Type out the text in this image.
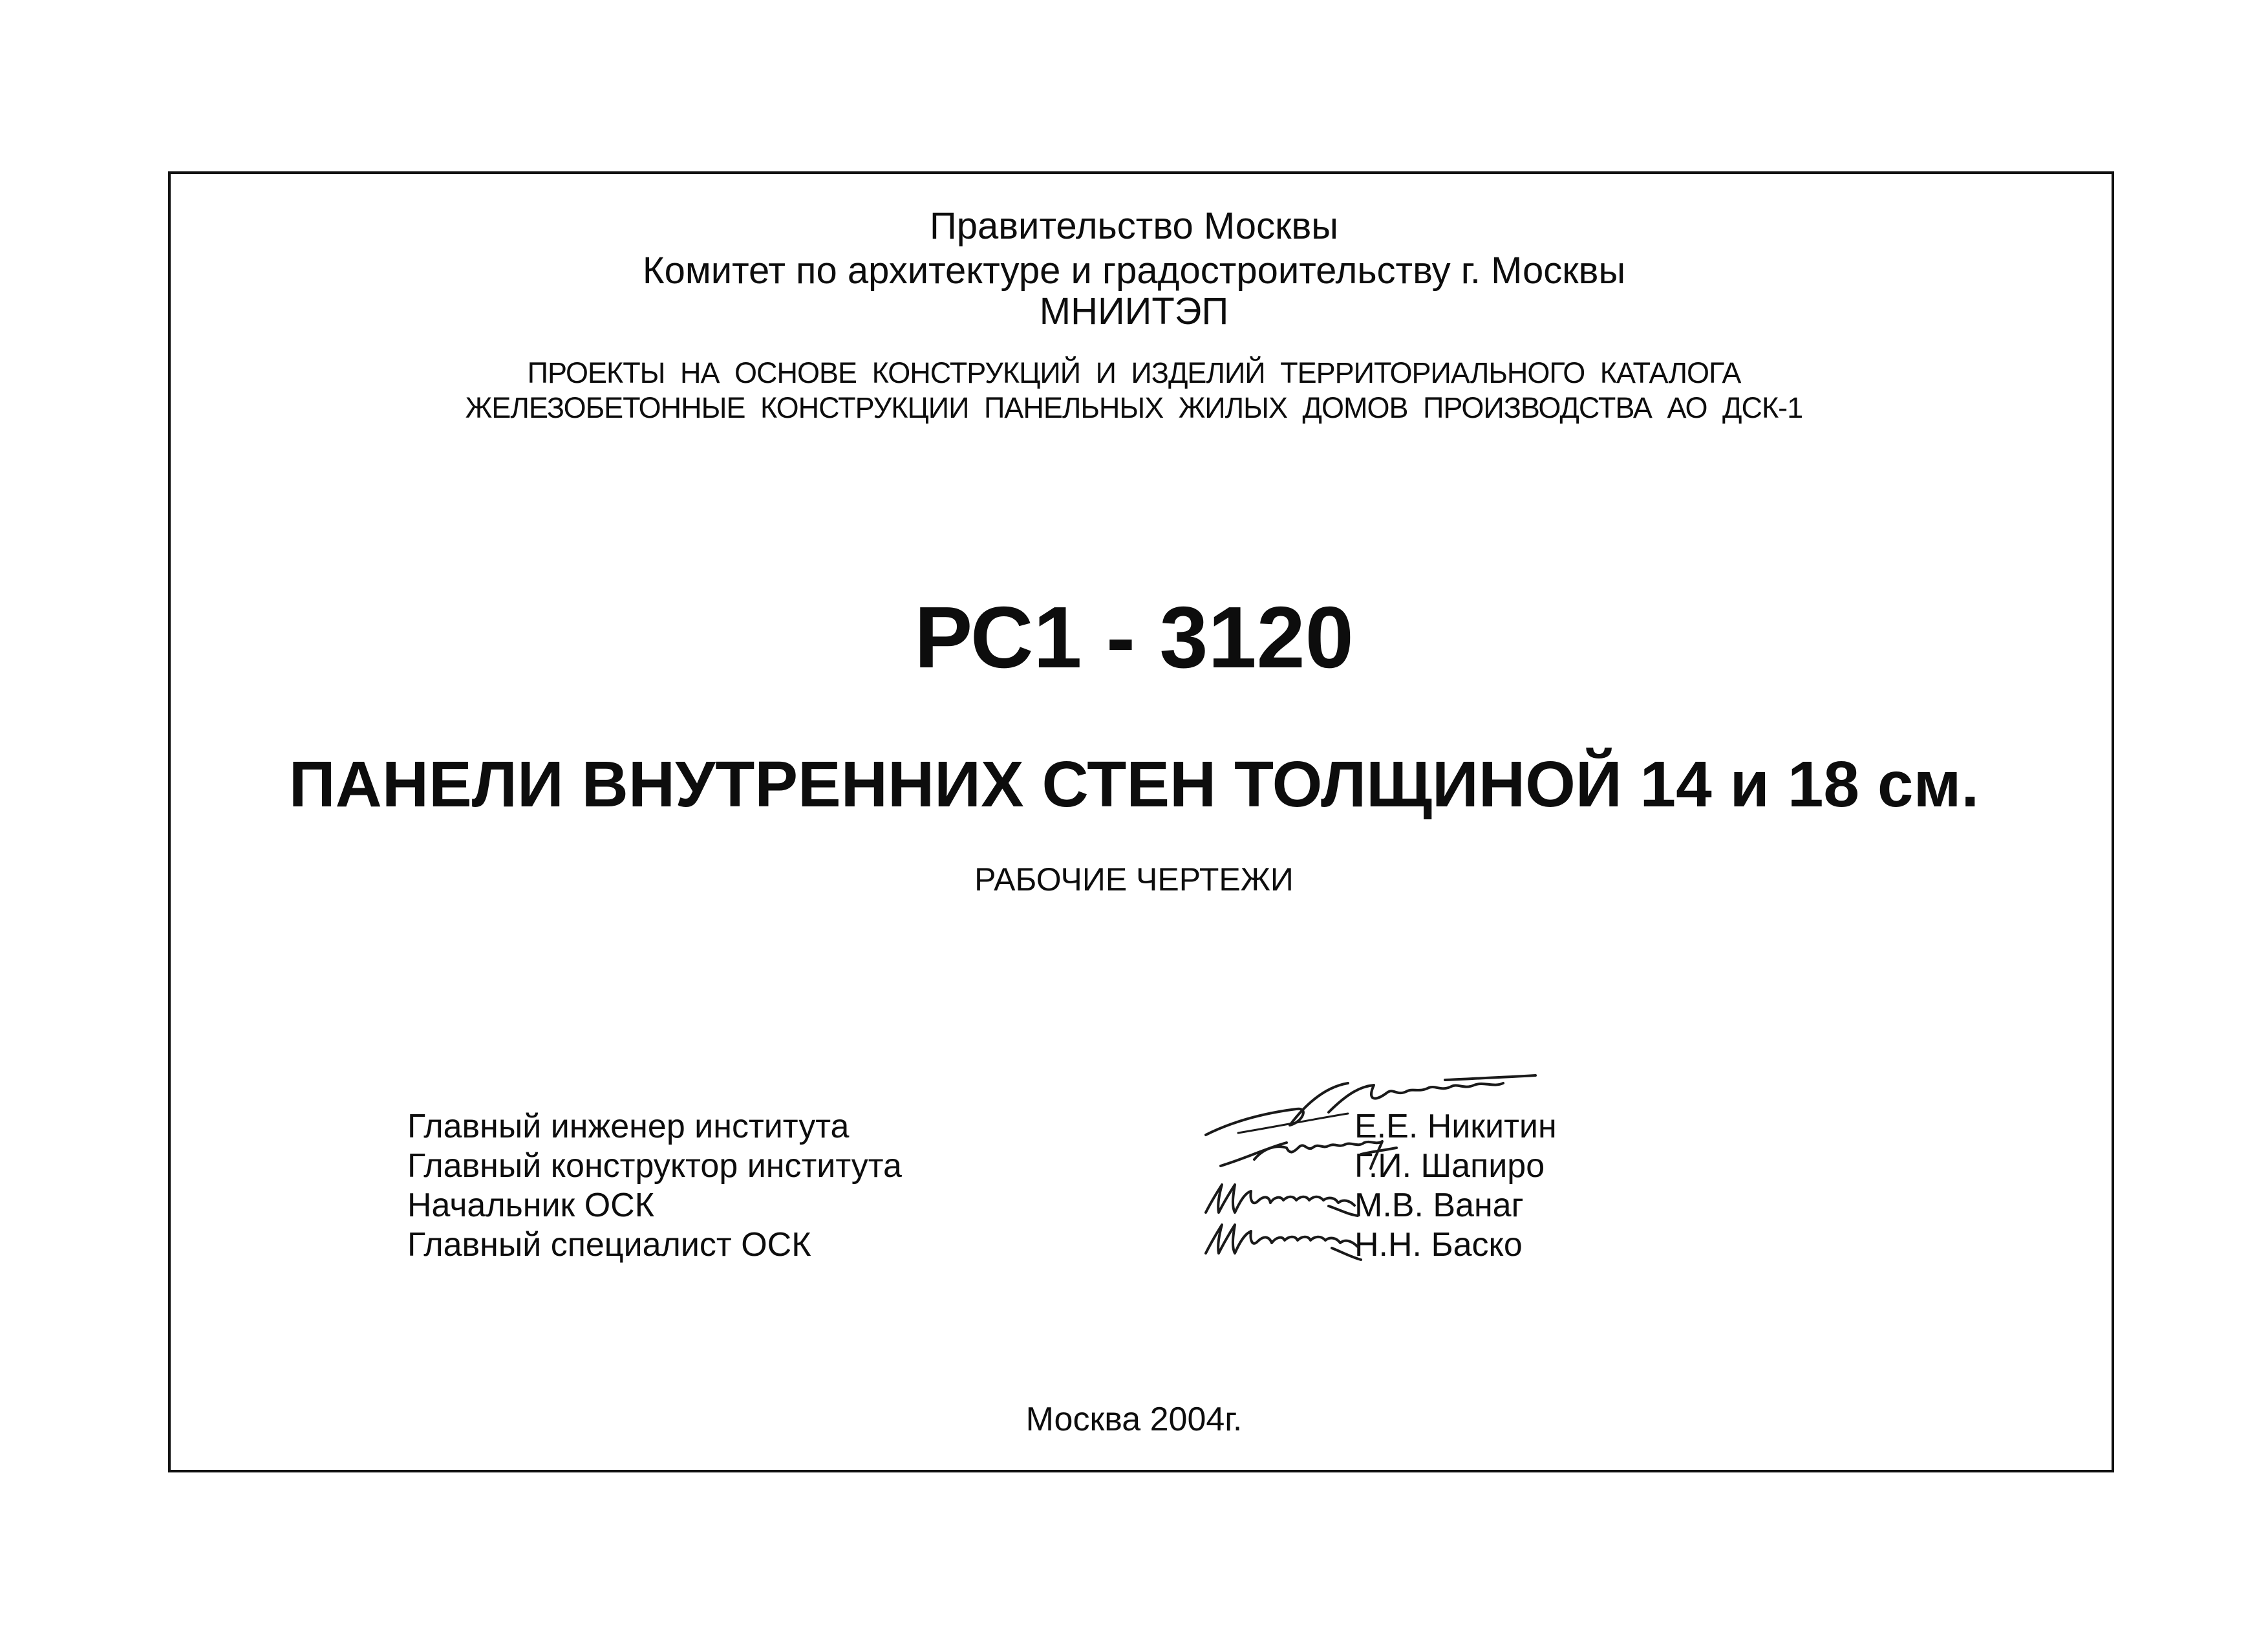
Правительство Москвы
Комитет по архитектуре и градостроительству г. Москвы
МНИИТЭП
ПРОЕКТЫ НА ОСНОВЕ КОНСТРУКЦИЙ И ИЗДЕЛИЙ ТЕРРИТОРИАЛЬНОГО КАТАЛОГА
ЖЕЛЕЗОБЕТОННЫЕ КОНСТРУКЦИИ ПАНЕЛЬНЫХ ЖИЛЫХ ДОМОВ ПРОИЗВОДСТВА АО ДСК-1
РС1 - 3120
ПАНЕЛИ ВНУТРЕННИХ СТЕН ТОЛЩИНОЙ 14 и 18 см.
РАБОЧИЕ ЧЕРТЕЖИ
Главный инженер института	Е.Е. Никитин
Главный конструктор института	Г.И. Шапиро
Начальник ОСК	М.В. Ванаг
Главный специалист ОСК	Н.Н. Баско
Москва 2004г.
